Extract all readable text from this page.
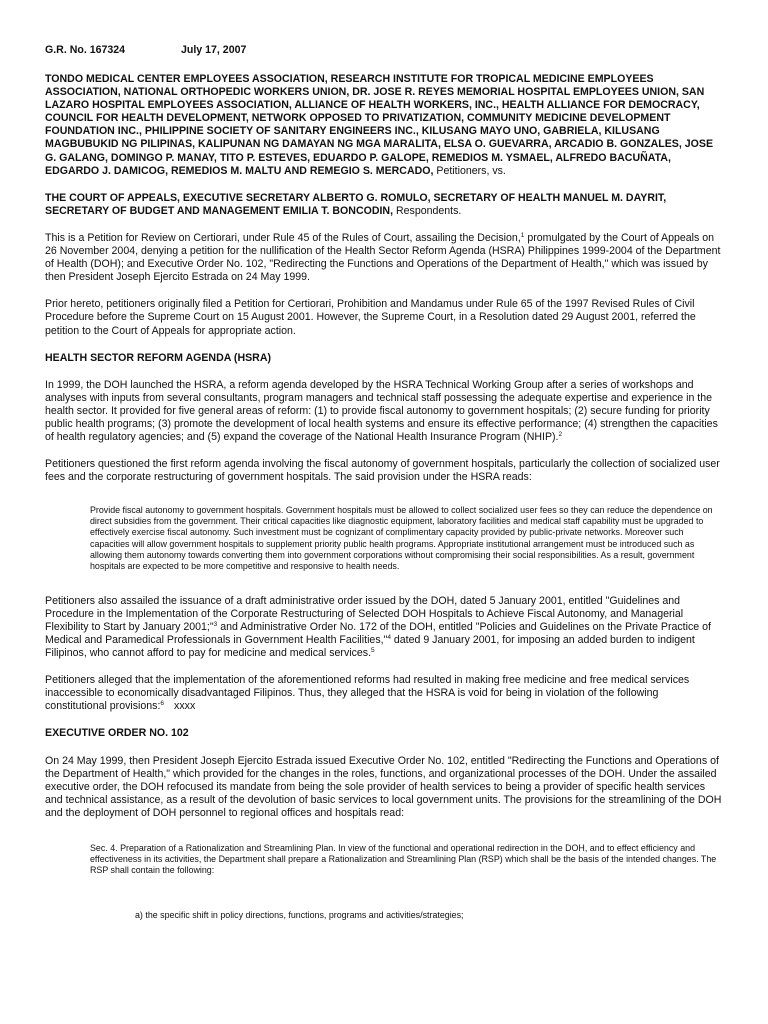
G.R. No. 167324	July 17, 2007

TONDO MEDICAL CENTER EMPLOYEES ASSOCIATION, RESEARCH INSTITUTE FOR TROPICAL MEDICINE EMPLOYEES ASSOCIATION, NATIONAL ORTHOPEDIC WORKERS UNION, DR. JOSE R. REYES MEMORIAL HOSPITAL EMPLOYEES UNION, SAN LAZARO HOSPITAL EMPLOYEES ASSOCIATION, ALLIANCE OF HEALTH WORKERS, INC., HEALTH ALLIANCE FOR DEMOCRACY, COUNCIL FOR HEALTH DEVELOPMENT, NETWORK OPPOSED TO PRIVATIZATION, COMMUNITY MEDICINE DEVELOPMENT FOUNDATION INC., PHILIPPINE SOCIETY OF SANITARY ENGINEERS INC., KILUSANG MAYO UNO, GABRIELA, KILUSANG MAGBUBUKID NG PILIPINAS, KALIPUNAN NG DAMAYAN NG MGA MARALITA, ELSA O. GUEVARRA, ARCADIO B. GONZALES, JOSE G. GALANG, DOMINGO P. MANAY, TITO P. ESTEVES, EDUARDO P. GALOPE, REMEDIOS M. YSMAEL, ALFREDO BACUÑATA, EDGARDO J. DAMICOG, REMEDIOS M. MALTU AND REMEGIO S. MERCADO, Petitioners, vs.

THE COURT OF APPEALS, EXECUTIVE SECRETARY ALBERTO G. ROMULO, SECRETARY OF HEALTH MANUEL M. DAYRIT, SECRETARY OF BUDGET AND MANAGEMENT EMILIA T. BONCODIN, Respondents.

This is a Petition for Review on Certiorari, under Rule 45 of the Rules of Court, assailing the Decision,$^1$ promulgated by the Court of Appeals on 26 November 2004, denying a petition for the nullification of the Health Sector Reform Agenda (HSRA) Philippines 1999-2004 of the Department of Health (DOH); and Executive Order No. 102, "Redirecting the Functions and Operations of the Department of Health," which was issued by then President Joseph Ejercito Estrada on 24 May 1999.

Prior hereto, petitioners originally filed a Petition for Certiorari, Prohibition and Mandamus under Rule 65 of the 1997 Revised Rules of Civil Procedure before the Supreme Court on 15 August 2001. However, the Supreme Court, in a Resolution dated 29 August 2001, referred the petition to the Court of Appeals for appropriate action.

HEALTH SECTOR REFORM AGENDA (HSRA)

In 1999, the DOH launched the HSRA, a reform agenda developed by the HSRA Technical Working Group after a series of workshops and analyses with inputs from several consultants, program managers and technical staff possessing the adequate expertise and experience in the health sector. It provided for five general areas of reform: (1) to provide fiscal autonomy to government hospitals; (2) secure funding for priority public health programs; (3) promote the development of local health systems and ensure its effective performance; (4) strengthen the capacities of health regulatory agencies; and (5) expand the coverage of the National Health Insurance Program (NHIP).$^2$

Petitioners questioned the first reform agenda involving the fiscal autonomy of government hospitals, particularly the collection of socialized user fees and the corporate restructuring of government hospitals. The said provision under the HSRA reads:

Provide fiscal autonomy to government hospitals. Government hospitals must be allowed to collect socialized user fees so they can reduce the dependence on direct subsidies from the government. Their critical capacities like diagnostic equipment, laboratory facilities and medical staff capability must be upgraded to effectively exercise fiscal autonomy. Such investment must be cognizant of complimentary capacity provided by public-private networks. Moreover such capacities will allow government hospitals to supplement priority public health programs. Appropriate institutional arrangement must be introduced such as allowing them autonomy towards converting them into government corporations without compromising their social responsibilities. As a result, government hospitals are expected to be more competitive and responsive to health needs.

Petitioners also assailed the issuance of a draft administrative order issued by the DOH, dated 5 January 2001, entitled "Guidelines and Procedure in the Implementation of the Corporate Restructuring of Selected DOH Hospitals to Achieve Fiscal Autonomy, and Managerial Flexibility to Start by January 2001;"$^3$ and Administrative Order No. 172 of the DOH, entitled "Policies and Guidelines on the Private Practice of Medical and Paramedical Professionals in Government Health Facilities,"$^4$ dated 9 January 2001, for imposing an added burden to indigent Filipinos, who cannot afford to pay for medicine and medical services.$^5$

Petitioners alleged that the implementation of the aforementioned reforms had resulted in making free medicine and free medical services inaccessible to economically disadvantaged Filipinos. Thus, they alleged that the HSRA is void for being in violation of the following constitutional provisions:$^6$ xxxx

EXECUTIVE ORDER NO. 102

On 24 May 1999, then President Joseph Ejercito Estrada issued Executive Order No. 102, entitled "Redirecting the Functions and Operations of the Department of Health," which provided for the changes in the roles, functions, and organizational processes of the DOH. Under the assailed executive order, the DOH refocused its mandate from being the sole provider of health services to being a provider of specific health services and technical assistance, as a result of the devolution of basic services to local government units. The provisions for the streamlining of the DOH and the deployment of DOH personnel to regional offices and hospitals read:

Sec. 4. Preparation of a Rationalization and Streamlining Plan. In view of the functional and operational redirection in the DOH, and to effect efficiency and effectiveness in its activities, the Department shall prepare a Rationalization and Streamlining Plan (RSP) which shall be the basis of the intended changes. The RSP shall contain the following:

a) the specific shift in policy directions, functions, programs and activities/strategies;
